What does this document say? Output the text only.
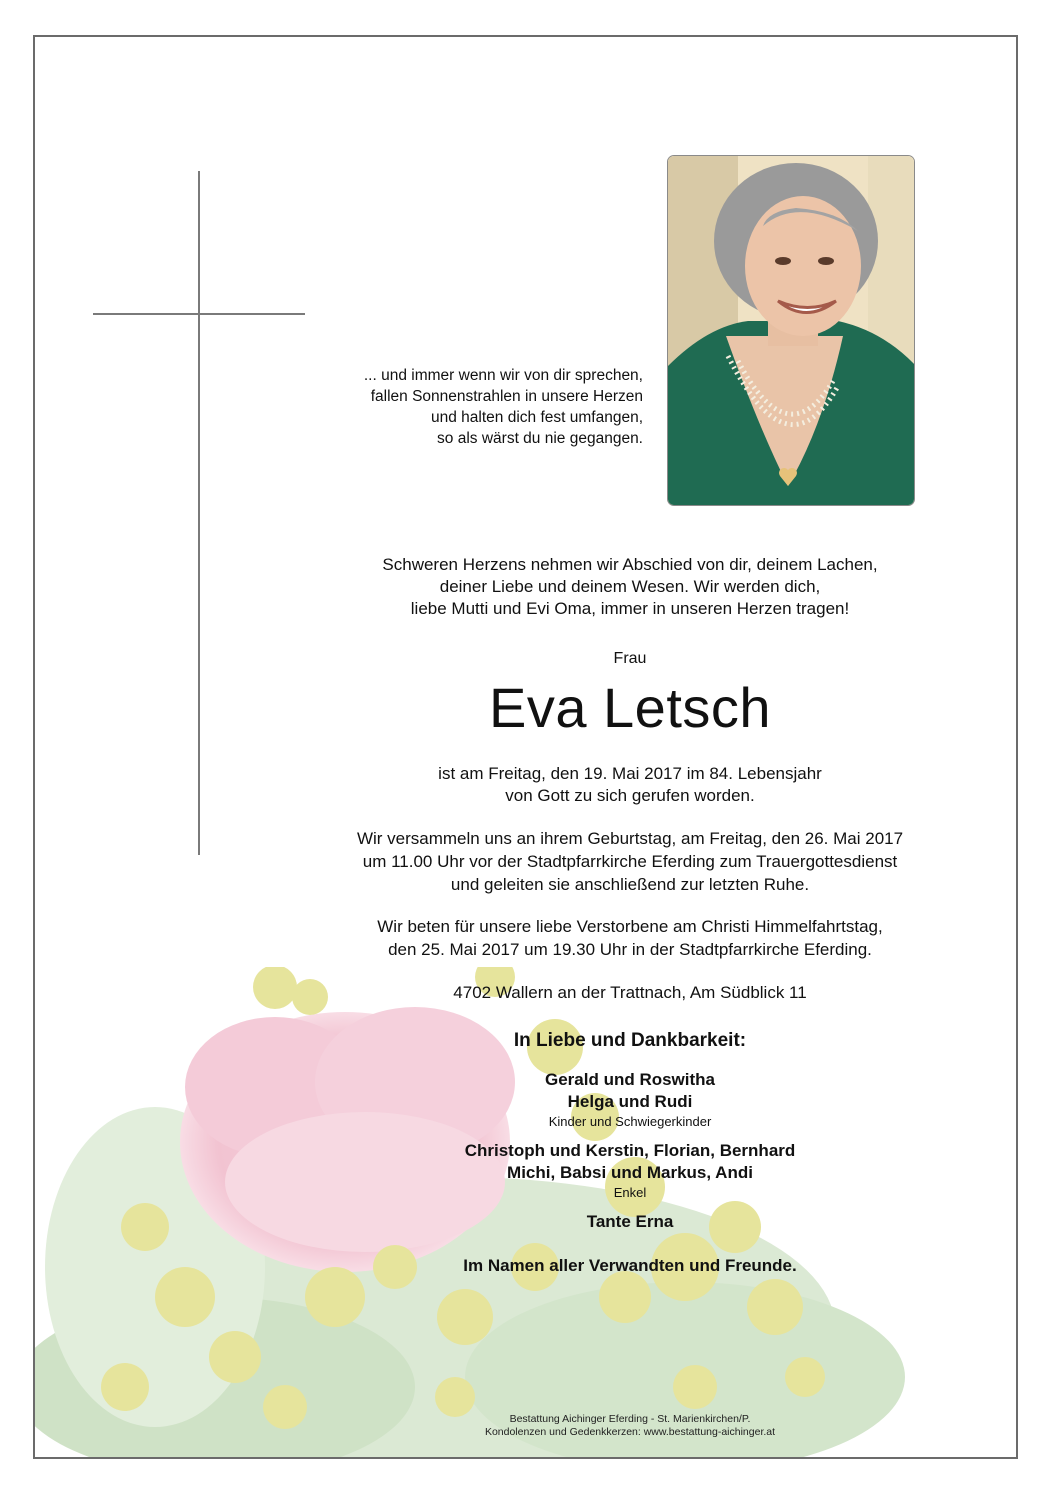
... und immer wenn wir von dir sprechen,
fallen Sonnenstrahlen in unsere Herzen
und halten dich fest umfangen,
so als wärst du nie gegangen.
Schweren Herzens nehmen wir Abschied von dir, deinem Lachen,
deiner Liebe und deinem Wesen. Wir werden dich,
liebe Mutti und Evi Oma, immer in unseren Herzen tragen!
Frau
Eva Letsch
ist am Freitag, den 19. Mai 2017 im 84. Lebensjahr
von Gott zu sich gerufen worden.
Wir versammeln uns an ihrem Geburtstag, am Freitag, den 26. Mai 2017
um 11.00 Uhr vor der Stadtpfarrkirche Eferding zum Trauergottesdienst
und geleiten sie anschließend zur letzten Ruhe.
Wir beten für unsere liebe Verstorbene am Christi Himmelfahrtstag,
den 25. Mai 2017 um 19.30 Uhr in der Stadtpfarrkirche Eferding.
4702 Wallern an der Trattnach, Am Südblick 11
In Liebe und Dankbarkeit:
Gerald und Roswitha
Helga und Rudi
Kinder und Schwiegerkinder
Christoph und Kerstin, Florian, Bernhard
Michi, Babsi und Markus, Andi
Enkel
Tante Erna
Im Namen aller Verwandten und Freunde.
Bestattung Aichinger Eferding - St. Marienkirchen/P.
Kondolenzen und Gedenkkerzen: www.bestattung-aichinger.at
